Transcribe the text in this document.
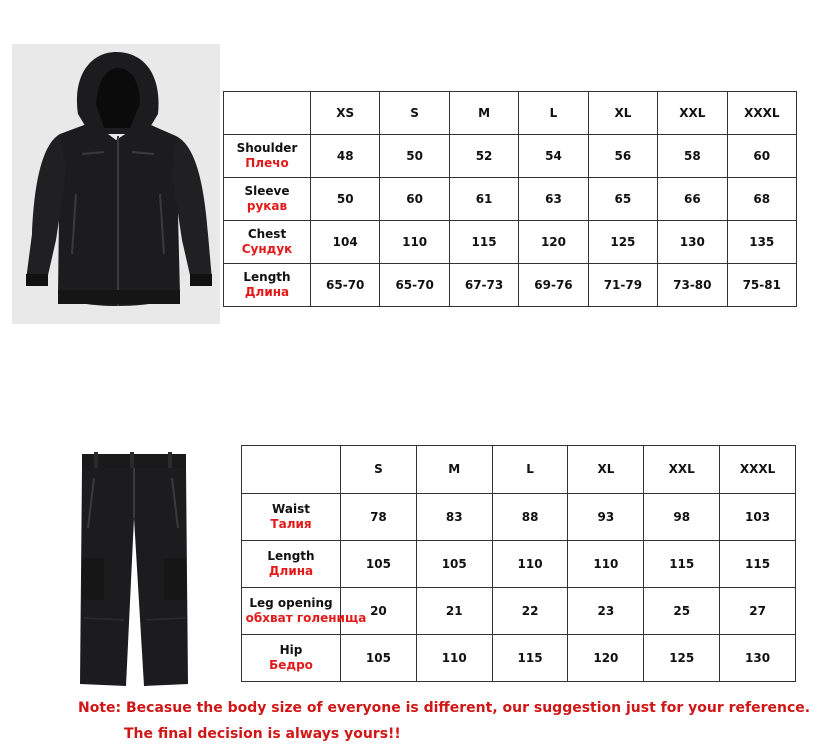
	XS	S	M	L	XL	XXL	XXXL

Shoulder
Плечо	48	50	52	54	56	58	60

Sleeve
рукав	50	60	61	63	65	66	68

Chest
Сундук	104	110	115	120	125	130	135

Length
Длина	65-70	65-70	67-73	69-76	71-79	73-80	75-81
	S	M	L	XL	XXL	XXXL

Waist
Талия	78	83	88	93	98	103

Length
Длина	105	105	110	110	115	115

Leg opening
обхват голенища	20	21	22	23	25	27

Hip
Бедро	105	110	115	120	125	130
Note: Becasue the body size of everyone is different, our suggestion just for your reference.
The final decision is always yours!!
